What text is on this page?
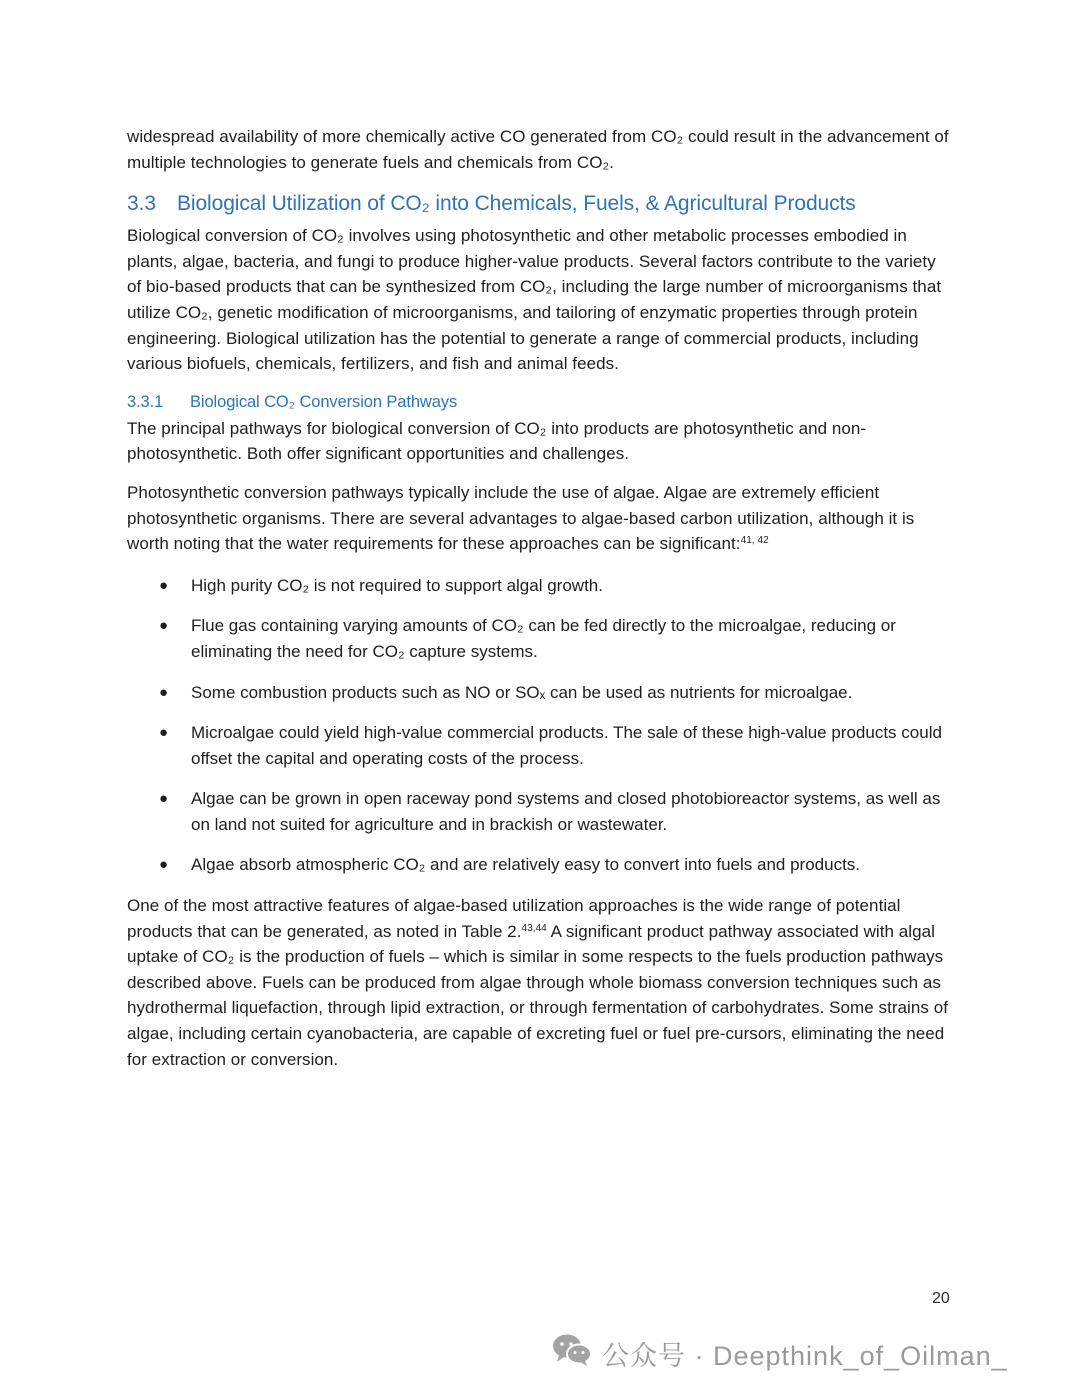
widespread availability of more chemically active CO generated from CO₂ could result in the advancement of multiple technologies to generate fuels and chemicals from CO₂.

3.3 Biological Utilization of CO₂ into Chemicals, Fuels, & Agricultural Products

Biological conversion of CO₂ involves using photosynthetic and other metabolic processes embodied in plants, algae, bacteria, and fungi to produce higher-value products. Several factors contribute to the variety of bio-based products that can be synthesized from CO₂, including the large number of microorganisms that utilize CO₂, genetic modification of microorganisms, and tailoring of enzymatic properties through protein engineering. Biological utilization has the potential to generate a range of commercial products, including various biofuels, chemicals, fertilizers, and fish and animal feeds.

3.3.1 Biological CO₂ Conversion Pathways

The principal pathways for biological conversion of CO₂ into products are photosynthetic and non-photosynthetic. Both offer significant opportunities and challenges.

Photosynthetic conversion pathways typically include the use of algae. Algae are extremely efficient photosynthetic organisms. There are several advantages to algae-based carbon utilization, although it is worth noting that the water requirements for these approaches can be significant:$^{41, 42}$

● High purity CO₂ is not required to support algal growth.
● Flue gas containing varying amounts of CO₂ can be fed directly to the microalgae, reducing or eliminating the need for CO₂ capture systems.
● Some combustion products such as NO or SOₓ can be used as nutrients for microalgae.
● Microalgae could yield high-value commercial products. The sale of these high-value products could offset the capital and operating costs of the process.
● Algae can be grown in open raceway pond systems and closed photobioreactor systems, as well as on land not suited for agriculture and in brackish or wastewater.
● Algae absorb atmospheric CO₂ and are relatively easy to convert into fuels and products.

One of the most attractive features of algae-based utilization approaches is the wide range of potential products that can be generated, as noted in Table 2.$^{43,44}$ A significant product pathway associated with algal uptake of CO₂ is the production of fuels – which is similar in some respects to the fuels production pathways described above. Fuels can be produced from algae through whole biomass conversion techniques such as hydrothermal liquefaction, through lipid extraction, or through fermentation of carbohydrates. Some strains of algae, including certain cyanobacteria, are capable of excreting fuel or fuel pre-cursors, eliminating the need for extraction or conversion.

20
公众号 · Deepthink_of_Oilman_
